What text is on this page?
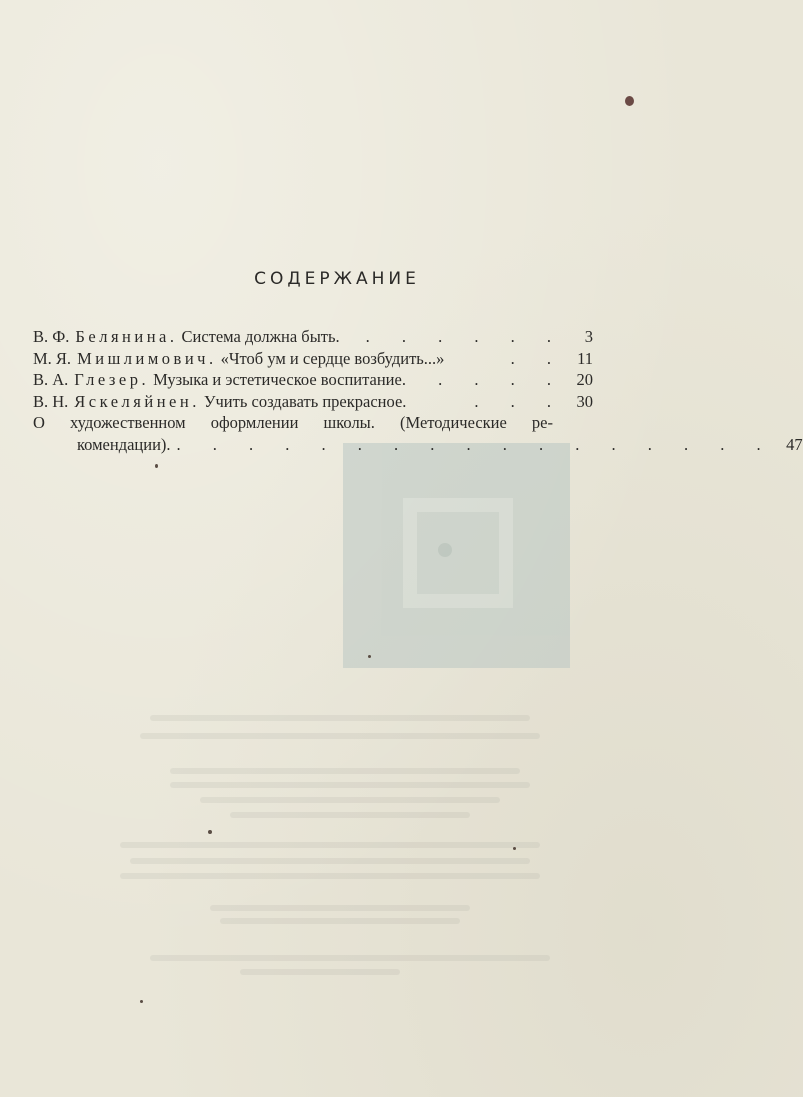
СОДЕРЖАНИЕ
В. Ф. Белянина. Система должна быть.	. . . . . .	3
М. Я. Мишлимович. «Чтоб ум и сердце возбудить...»	. . 11
В. А. Глезер. Музыка и эстетическое воспитание.	. . . . 20
В. Н. Яскеляйнен. Учить создавать прекрасное.	. . . 30
О художественном оформлении школы. (Методические ре-
комендации). . . . . . . . . . . . . . . . . . 47
